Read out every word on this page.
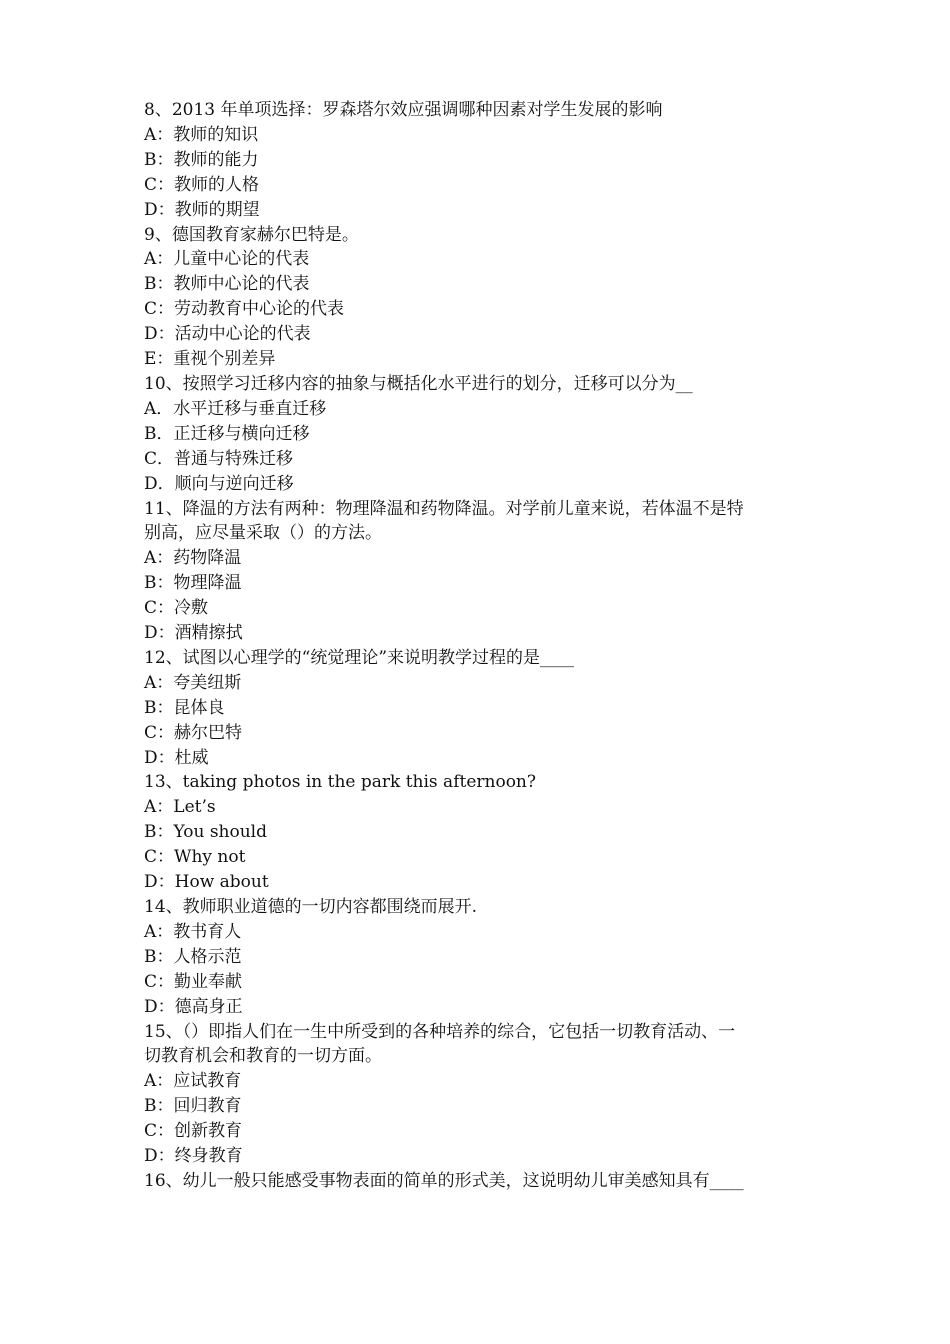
8、2013 年单项选择：罗森塔尔效应强调哪种因素对学生发展的影响
A：教师的知识
B：教师的能力
C：教师的人格
D：教师的期望
9、德国教育家赫尔巴特是。
A：儿童中心论的代表
B：教师中心论的代表
C：劳动教育中心论的代表
D：活动中心论的代表
E：重视个别差异
10、按照学习迁移内容的抽象与概括化水平进行的划分，迁移可以分为__
A．水平迁移与垂直迁移
B．正迁移与横向迁移
C．普通与特殊迁移
D．顺向与逆向迁移
11、降温的方法有两种：物理降温和药物降温。对学前儿童来说，若体温不是特
别高，应尽量采取（）的方法。
A：药物降温
B：物理降温
C：冷敷
D：酒精擦拭
12、试图以心理学的“统觉理论”来说明教学过程的是____
A：夸美纽斯
B：昆体良
C：赫尔巴特
D：杜威
13、taking photos in the park this afternoon?
A：Let’s
B：You should
C：Why not
D：How about
14、教师职业道德的一切内容都围绕而展开.
A：教书育人
B：人格示范
C：勤业奉献
D：德高身正
15、（）即指人们在一生中所受到的各种培养的综合，它包括一切教育活动、一
切教育机会和教育的一切方面。
A：应试教育
B：回归教育
C：创新教育
D：终身教育
16、幼儿一般只能感受事物表面的简单的形式美，这说明幼儿审美感知具有____
